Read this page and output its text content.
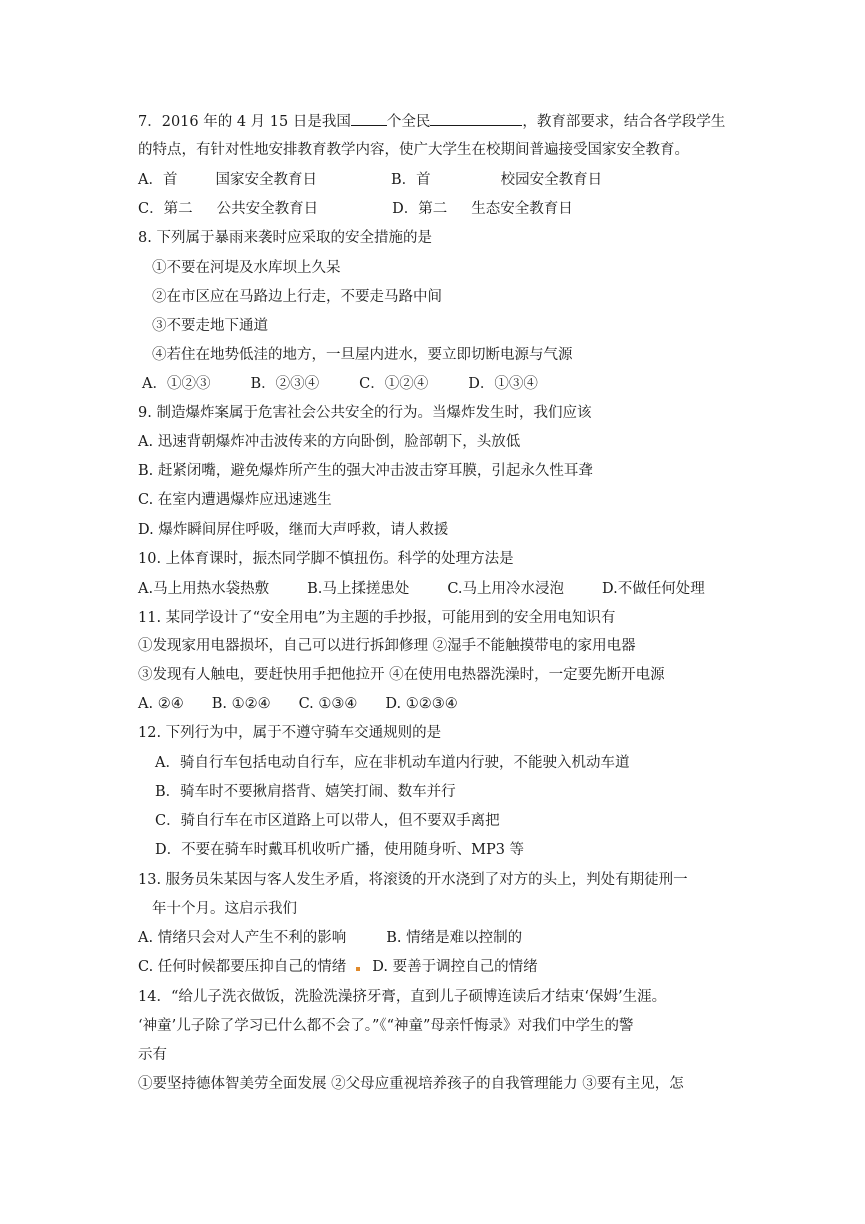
7．2016 年的 4 月 15 日是我国 个全民	，教育部要求，结合各学段学生
的特点，有针对性地安排教育教学内容，使广大学生在校期间普遍接受国家安全教育。
A．首	国家安全教育日	B．首	校园安全教育日
C．第二 公共安全教育日	D．第二 生态安全教育日
8. 下列属于暴雨来袭时应采取的安全措施的是
①不要在河堤及水库坝上久呆
②在市区应在马路边上行走，不要走马路中间
③不要走地下通道
④若住在地势低洼的地方，一旦屋内进水，要立即切断电源与气源
A．①②③	B．②③④	C．①②④	D．①③④
9. 制造爆炸案属于危害社会公共安全的行为。当爆炸发生时，我们应该
A. 迅速背朝爆炸冲击波传来的方向卧倒，脸部朝下，头放低
B. 赶紧闭嘴，避免爆炸所产生的强大冲击波击穿耳膜，引起永久性耳聋
C. 在室内遭遇爆炸应迅速逃生
D. 爆炸瞬间屏住呼吸，继而大声呼救，请人救援
10. 上体育课时，振杰同学脚不慎扭伤。科学的处理方法是
A.马上用热水袋热敷	B.马上揉搓患处	C.马上用冷水浸泡	D.不做任何处理
11. 某同学设计了“安全用电”为主题的手抄报，可能用到的安全用电知识有
①发现家用电器损坏，自己可以进行拆卸修理 ②湿手不能触摸带电的家用电器
③发现有人触电，要赶快用手把他拉开 ④在使用电热器洗澡时，一定要先断开电源
A. ②④ B. ①②④ C. ①③④ D. ①②③④
12. 下列行为中，属于不遵守骑车交通规则的是
A．骑自行车包括电动自行车，应在非机动车道内行驶，不能驶入机动车道
B．骑车时不要揪肩搭背、嬉笑打闹、数车并行
C．骑自行车在市区道路上可以带人，但不要双手离把
D．不要在骑车时戴耳机收听广播，使用随身听、MP3 等
13. 服务员朱某因与客人发生矛盾，将滚烫的开水浇到了对方的头上，判处有期徒刑一
年十个月。这启示我们
A. 情绪只会对人产生不利的影响	B. 情绪是难以控制的
C. 任何时候都要压抑自己的情绪 D. 要善于调控自己的情绪
14．“给儿子洗衣做饭，洗脸洗澡挤牙膏，直到儿子硕博连读后才结束‘保姆’生涯。
‘神童’儿子除了学习已什么都不会了。”《“神童”母亲忏悔录》对我们中学生的警
示有
①要坚持德体智美劳全面发展 ②父母应重视培养孩子的自我管理能力 ③要有主见，怎
